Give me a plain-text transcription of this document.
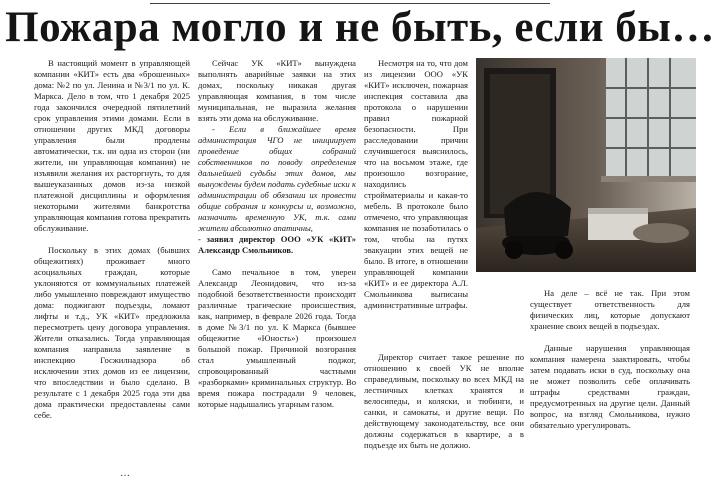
Пожара могло и не быть, если бы…

В настоящий момент в управляющей компании «КИТ» есть два «брошенных» дома: №2 по ул. Ленина и №3/1 по ул. К. Маркса. Дело в том, что 1 декабря 2025 года закончился очередной пятилетний срок управления этими домами. Если в отношении других МКД договоры управления были продлены автоматически, т.к. ни одна из сторон (ни жители, ни управляющая компания) не изъявили желания их расторгнуть, то для вышеуказанных домов из-за низкой платежной дисциплины и оформления некоторыми жителями банкротства управляющая компания готова прекратить обслуживание.

Поскольку в этих домах (бывших общежитиях) проживает много асоциальных граждан, которые уклоняются от коммунальных платежей либо умышленно повреждают имущество дома: поджигают подъезды, ломают лифты и т.д., УК «КИТ» предложила пересмотреть цену договора управления. Жители отказались. Тогда управляющая компания направила заявление в инспекцию Госжилнадзора об исключении этих домов из ее лицензии, что впоследствии и было сделано. В результате с 1 декабря 2025 года эти два дома практически предоставлены сами себе.

Сейчас УК «КИТ» вынуждена выполнять аварийные заявки на этих домах, поскольку никакая другая управляющая компания, в том числе муниципальная, не выразила желания взять эти дома на обслуживание.

- Если в ближайшее время администрация ЧГО не инициирует проведение общих собраний собственников по поводу определения дальнейшей судьбы этих домов, мы вынуждены будем подать судебные иски к администрации об обязании их провести общие собрания и конкурсы и, возможно, назначить временную УК, т.к. сами жители абсолютно апатичны,

- заявил директор ООО «УК «КИТ» Александр Смольников.

Само печальное в том, уверен Александр Леонидович, что из-за подобной безответственности происходят различные трагические происшествия, как, например, в феврале 2026 года. Тогда в доме №3/1 по ул. К Маркса (бывшее общежитие «Юность») произошел большой пожар. Причиной возгорания стал умышленный поджог, спровоцированный частными «разборками» криминальных структур. Во время пожара пострадали 9 человек, которые надышались угарным газом.

Несмотря на то, что дом из лицензии ООО «УК «КИТ» исключен, пожарная инспекция составила два протокола о нарушении правил пожарной безопасности. При расследовании причин случившегося выяснилось, что на восьмом этаже, где произошло возгорание, находились стройматериалы и какая-то мебель. В протоколе было отмечено, что управляющая компания не позаботилась о том, чтобы на путях эвакуации этих вещей не было. В итоге, в отношении управляющей компании «КИТ» и ее директора А.Л. Смольникова выписаны административные штрафы.

Директор считает такое решение по отношению к своей УК не вполне справедливым, поскольку во всех МКД на лестничных клетках хранятся и велосипеды, и коляски, и тюбинги, и санки, и самокаты, и другие вещи. По действующему законодательству, все они должны содержаться в квартире, а в подъезде их быть не должно.

На деле – всё не так. При этом существует ответственность для физических лиц, которые допускают хранение своих вещей в подъездах.

Данные нарушения управляющая компания намерена заактировать, чтобы затем подавать иски в суд, поскольку она не может позволить себе оплачивать штрафы средствами граждан, предусмотренных на другие цели. Данный вопрос, на взгляд Смольникова, нужно обязательно урегулировать.

…
